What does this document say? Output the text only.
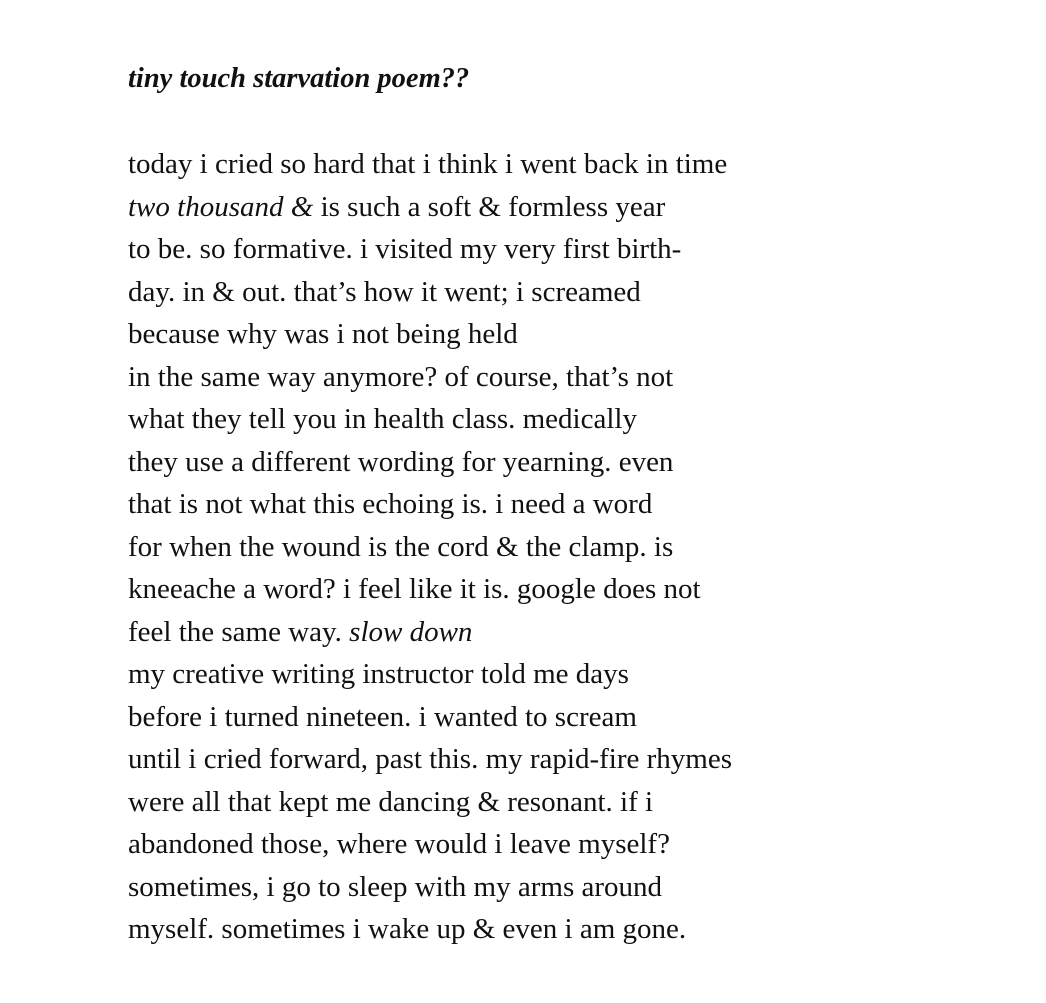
tiny touch starvation poem??
today i cried so hard that i think i went back in time
two thousand & is such a soft & formless year
to be. so formative. i visited my very first birth-
day. in & out. that’s how it went; i screamed
because why was i not being held
in the same way anymore? of course, that’s not
what they tell you in health class. medically
they use a different wording for yearning. even
that is not what this echoing is. i need a word
for when the wound is the cord & the clamp. is
kneeache a word? i feel like it is. google does not
feel the same way. slow down
my creative writing instructor told me days
before i turned nineteen. i wanted to scream
until i cried forward, past this. my rapid-fire rhymes
were all that kept me dancing & resonant. if i
abandoned those, where would i leave myself?
sometimes, i go to sleep with my arms around
myself. sometimes i wake up & even i am gone.
